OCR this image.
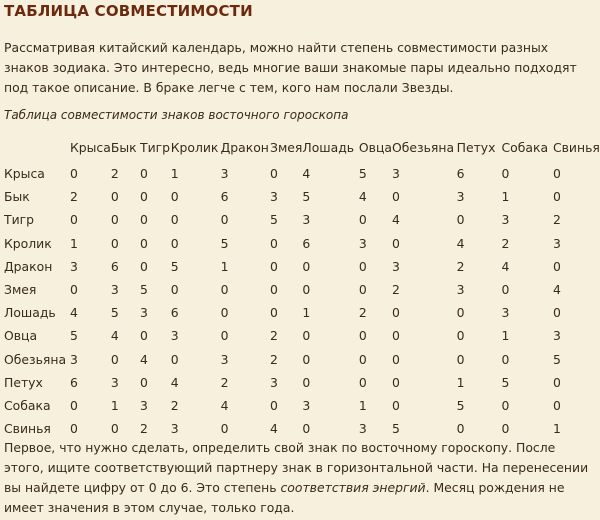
ТАБЛИЦА СОВМЕСТИМОСТИ
Рассматривая китайский календарь, можно найти степень совместимости разных знаков зодиака. Это интересно, ведь многие ваши знакомые пары идеально подходят под такое описание. В браке легче с тем, кого нам послали Звезды.
Таблица совместимости знаков восточного гороскопа
	Крыса	Бык	Тигр	Кролик	Дракон	Змея	Лошадь	Овца	Обезьяна	Петух	Собака	Свинья
Крыса	0	2	0	1	3	0	4	5	3	6	0	0
Бык	2	0	0	0	6	3	5	4	0	3	1	0
Тигр	0	0	0	0	0	5	3	0	4	0	3	2
Кролик	1	0	0	0	5	0	6	3	0	4	2	3
Дракон	3	6	0	5	1	0	0	0	3	2	4	0
Змея	0	3	5	0	0	0	0	0	2	3	0	4
Лошадь	4	5	3	6	0	0	1	2	0	0	3	0
Овца	5	4	0	3	0	2	0	0	0	0	1	3
Обезьяна	3	0	4	0	3	2	0	0	0	0	0	5
Петух	6	3	0	4	2	3	0	0	0	1	5	0
Собака	0	1	3	2	4	0	3	1	0	5	0	0
Свинья	0	0	2	3	0	4	0	3	5	0	0	1
Первое, что нужно сделать, определить свой знак по восточному гороскопу. После этого, ищите соответствующий партнеру знак в горизонтальной части. На перенесении вы найдете цифру от 0 до 6. Это степень соответствия энергий. Месяц рождения не имеет значения в этом случае, только года.
